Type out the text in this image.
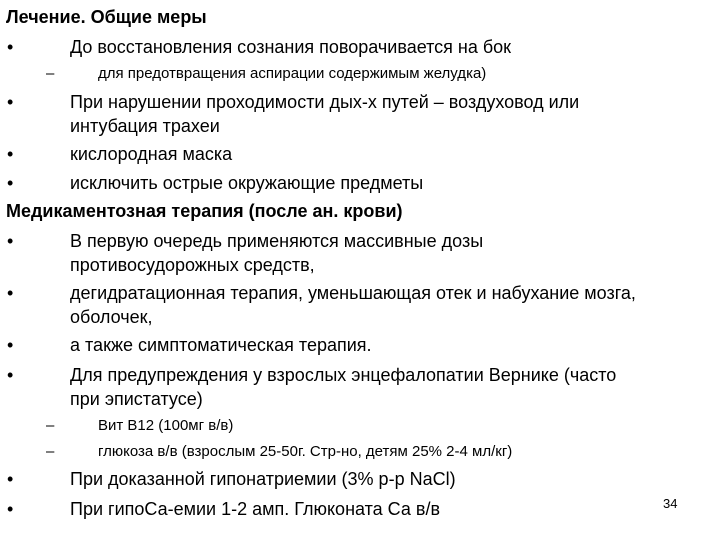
Лечение. Общие меры
•	До восстановления сознания поворачивается на бок
–	для предотвращения аспирации содержимым желудка)
•	При нарушении проходимости дых-х путей – воздуховод или
интубация трахеи
•	кислородная маска
•	исключить острые окружающие предметы
Медикаментозная терапия (после ан. крови)
•	В первую очередь применяются массивные дозы
противосудорожных средств,
•	дегидратационная терапия, уменьшающая отек и набухание мозга,
оболочек,
•	а также симптоматическая терапия.
•	Для предупреждения у взрослых энцефалопатии Вернике (часто
при эпистатусе)
–	Вит В12 (100мг в/в)
–	глюкоза в/в (взрослым 25-50г. Стр-но, детям 25% 2-4 мл/кг)
•	При доказанной гипонатриемии (3% р-р NaCl)
•	При гипоСа-емии 1-2 амп. Глюконата Са в/в	34
